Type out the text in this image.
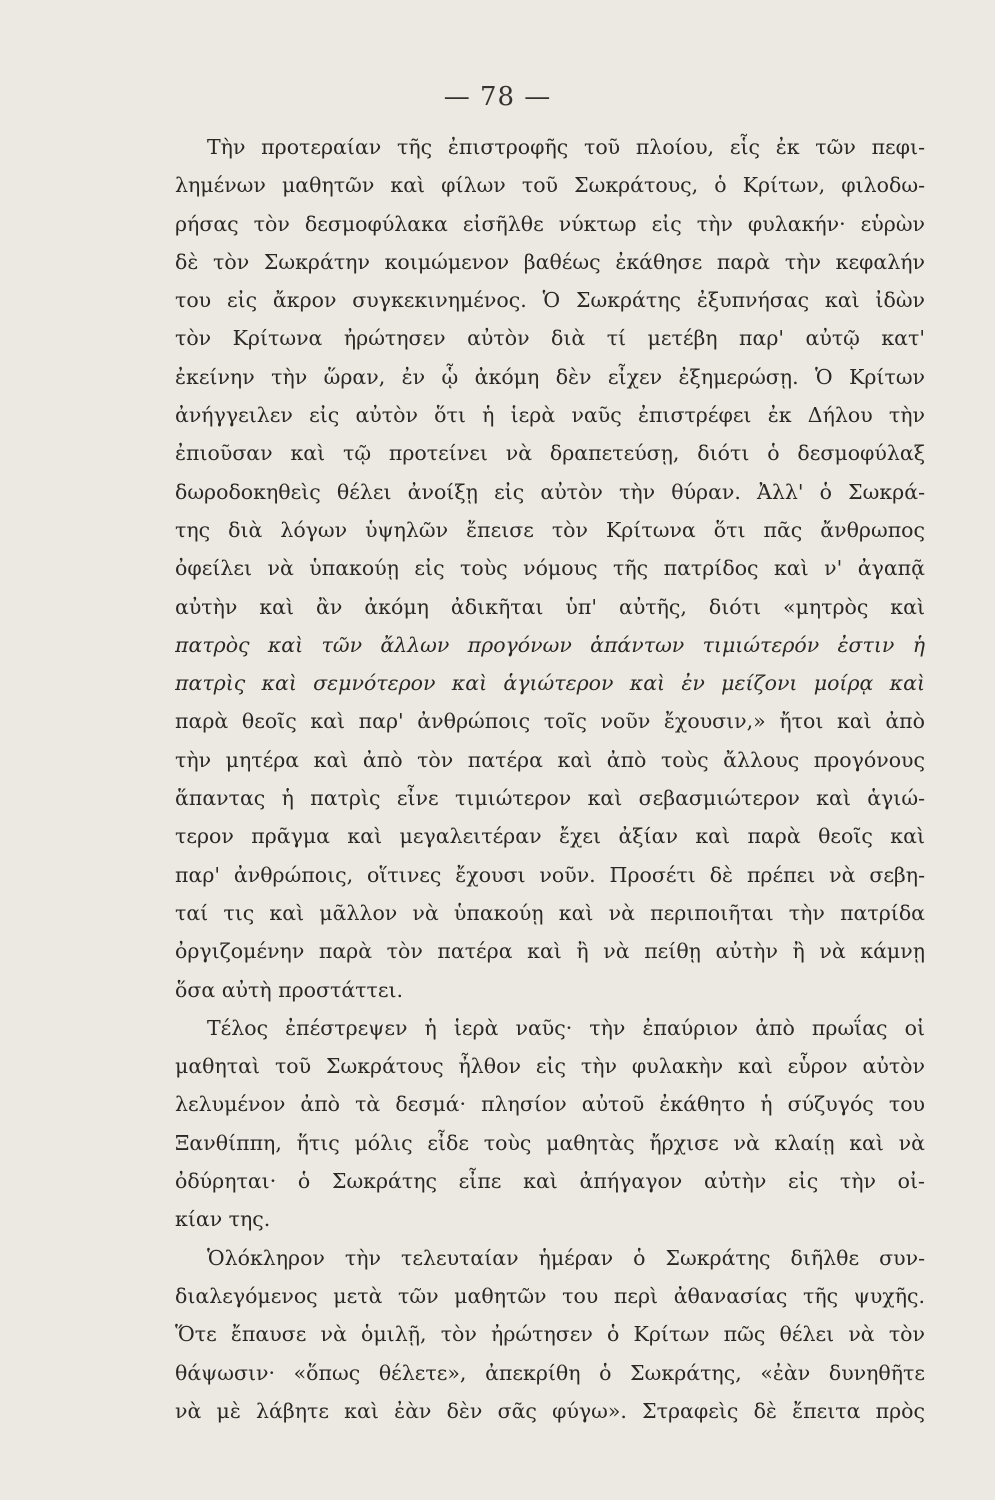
— 78 —
Τὴν προτεραίαν τῆς ἐπιστροφῆς τοῦ πλοίου, εἷς ἐκ τῶν πεφι-
λημένων μαθητῶν καὶ φίλων τοῦ Σωκράτους, ὁ Κρίτων, φιλοδω-
ρήσας τὸν δεσμοφύλακα εἰσῆλθε νύκτωρ εἰς τὴν φυλακήν· εὑρὼν
δὲ τὸν Σωκράτην κοιμώμενον βαθέως ἐκάθησε παρὰ τὴν κεφαλήν
του εἰς ἄκρον συγκεκινημένος. Ὁ Σωκράτης ἐξυπνήσας καὶ ἰδὼν
τὸν Κρίτωνα ἠρώτησεν αὐτὸν διὰ τί μετέβη παρ' αὐτῷ κατ'
ἐκείνην τὴν ὥραν, ἐν ᾧ ἀκόμη δὲν εἶχεν ἐξημερώσῃ. Ὁ Κρίτων
ἀνήγγειλεν εἰς αὐτὸν ὅτι ἡ ἱερὰ ναῦς ἐπιστρέφει ἐκ Δήλου τὴν
ἐπιοῦσαν καὶ τῷ προτείνει νὰ δραπετεύσῃ, διότι ὁ δεσμοφύλαξ
δωροδοκηθεὶς θέλει ἀνοίξῃ εἰς αὐτὸν τὴν θύραν. Ἀλλ' ὁ Σωκρά-
της διὰ λόγων ὑψηλῶν ἔπεισε τὸν Κρίτωνα ὅτι πᾶς ἄνθρωπος
ὀφείλει νὰ ὑπακούῃ εἰς τοὺς νόμους τῆς πατρίδος καὶ ν' ἀγαπᾷ
αὐτὴν καὶ ἂν ἀκόμη ἀδικῆται ὑπ' αὐτῆς, διότι «μητρὸς καὶ
πατρὸς καὶ τῶν ἄλλων προγόνων ἁπάντων τιμιώτερόν ἐστιν ἡ
πατρὶς καὶ σεμνότερον καὶ ἁγιώτερον καὶ ἐν μείζονι μοίρᾳ καὶ
παρὰ θεοῖς καὶ παρ' ἀνθρώποις τοῖς νοῦν ἔχουσιν,» ἤτοι καὶ ἀπὸ
τὴν μητέρα καὶ ἀπὸ τὸν πατέρα καὶ ἀπὸ τοὺς ἄλλους προγόνους
ἅπαντας ἡ πατρὶς εἶνε τιμιώτερον καὶ σεβασμιώτερον καὶ ἁγιώ-
τερον πρᾶγμα καὶ μεγαλειτέραν ἔχει ἀξίαν καὶ παρὰ θεοῖς καὶ
παρ' ἀνθρώποις, οἵτινες ἔχουσι νοῦν. Προσέτι δὲ πρέπει νὰ σεβη-
ταί τις καὶ μᾶλλον νὰ ὑπακούῃ καὶ νὰ περιποιῆται τὴν πατρίδα
ὀργιζομένην παρὰ τὸν πατέρα καὶ ἢ νὰ πείθῃ αὐτὴν ἢ νὰ κάμνῃ
ὅσα αὐτὴ προστάττει.
Τέλος ἐπέστρεψεν ἡ ἱερὰ ναῦς· τὴν ἐπαύριον ἀπὸ πρωΐας οἱ
μαθηταὶ τοῦ Σωκράτους ἦλθον εἰς τὴν φυλακὴν καὶ εὗρον αὐτὸν
λελυμένον ἀπὸ τὰ δεσμά· πλησίον αὐτοῦ ἐκάθητο ἡ σύζυγός του
Ξανθίππη, ἥτις μόλις εἶδε τοὺς μαθητὰς ἤρχισε νὰ κλαίῃ καὶ νὰ
ὀδύρηται· ὁ Σωκράτης εἶπε καὶ ἀπήγαγον αὐτὴν εἰς τὴν οἰ-
κίαν της.
Ὁλόκληρον τὴν τελευταίαν ἡμέραν ὁ Σωκράτης διῆλθε συν-
διαλεγόμενος μετὰ τῶν μαθητῶν του περὶ ἀθανασίας τῆς ψυχῆς.
Ὅτε ἔπαυσε νὰ ὁμιλῇ, τὸν ἠρώτησεν ὁ Κρίτων πῶς θέλει νὰ τὸν
θάψωσιν· «ὅπως θέλετε», ἀπεκρίθη ὁ Σωκράτης, «ἐὰν δυνηθῆτε
νὰ μὲ λάβητε καὶ ἐὰν δὲν σᾶς φύγω». Στραφεὶς δὲ ἔπειτα πρὸς
